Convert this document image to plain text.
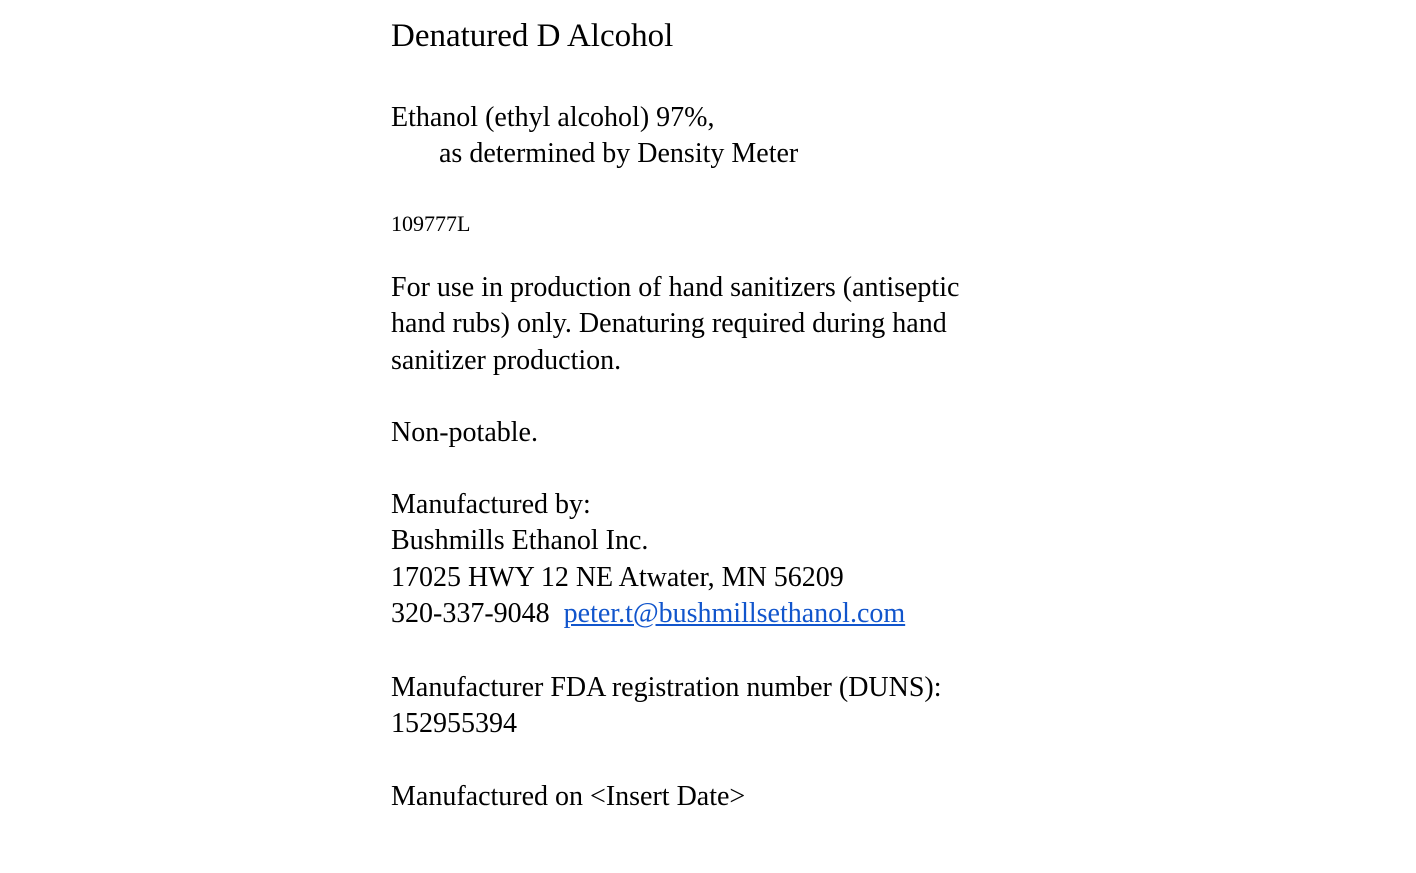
Denatured D Alcohol
Ethanol (ethyl alcohol) 97%,
as determined by Density Meter
109777L
For use in production of hand sanitizers (antiseptic
hand rubs) only. Denaturing required during hand
sanitizer production.
Non-potable.
Manufactured by:
Bushmills Ethanol Inc.
17025 HWY 12 NE Atwater, MN 56209
320-337-9048 peter.t@bushmillsethanol.com
Manufacturer FDA registration number (DUNS):
152955394
Manufactured on <Insert Date>
